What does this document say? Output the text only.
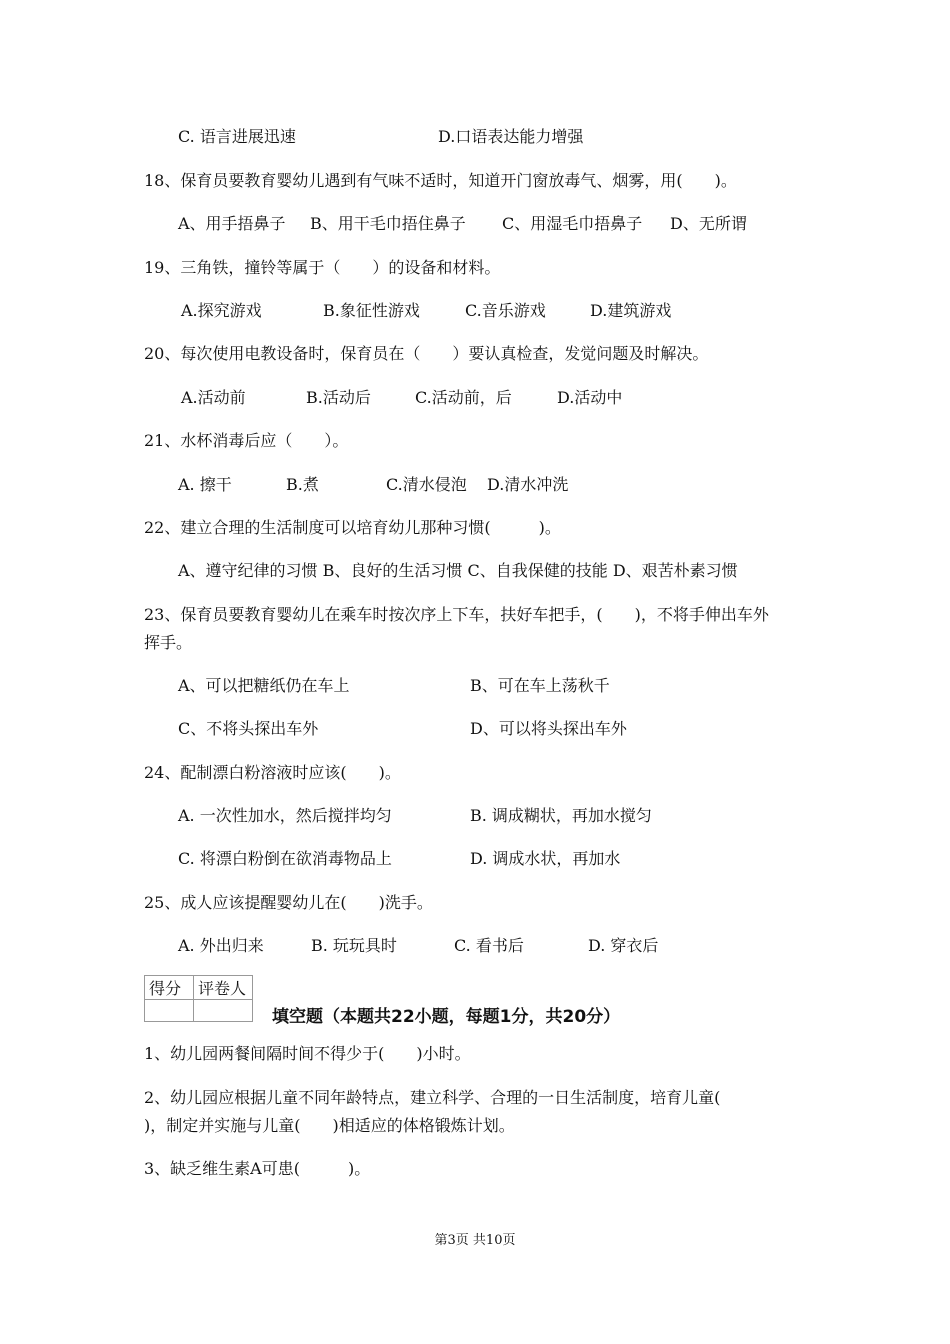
C. 语言进展迅速	D.口语表达能力增强
18、保育员要教育婴幼儿遇到有气味不适时，知道开门窗放毒气、烟雾，用(　　)。
A、用手捂鼻子 B、用干毛巾捂住鼻子 C、用湿毛巾捂鼻子 D、无所谓
19、三角铁，撞铃等属于（　　）的设备和材料。
A.探究游戏	B.象征性游戏	C.音乐游戏	D.建筑游戏
20、每次使用电教设备时，保育员在（　　）要认真检查，发觉问题及时解决。
A.活动前	B.活动后	C.活动前，后	D.活动中
21、水杯消毒后应（　　）。
A. 擦干	B.煮	C.清水侵泡 D.清水冲洗
22、建立合理的生活制度可以培育幼儿那种习惯(　　　)。
A、遵守纪律的习惯 B、良好的生活习惯 C、自我保健的技能 D、艰苦朴素习惯
23、保育员要教育婴幼儿在乘车时按次序上下车，扶好车把手，(　　)，不将手伸出车外
挥手。
A、可以把糖纸仍在车上	B、可在车上荡秋千
C、不将头探出车外	D、可以将头探出车外
24、配制漂白粉溶液时应该(　　)。
A. 一次性加水，然后搅拌均匀	B. 调成糊状，再加水搅匀
C. 将漂白粉倒在欲消毒物品上	D. 调成水状，再加水
25、成人应该提醒婴幼儿在(　　)洗手。
A. 外出归来	B. 玩玩具时	C. 看书后	D. 穿衣后
得分	评卷人

填空题（本题共22小题，每题1分，共20分）
1、幼儿园两餐间隔时间不得少于(　　)小时。
2、幼儿园应根据儿童不同年龄特点，建立科学、合理的一日生活制度，培育儿童(
)，制定并实施与儿童(　　)相适应的体格锻炼计划。
3、缺乏维生素A可患(　　　)。
第3页 共10页
